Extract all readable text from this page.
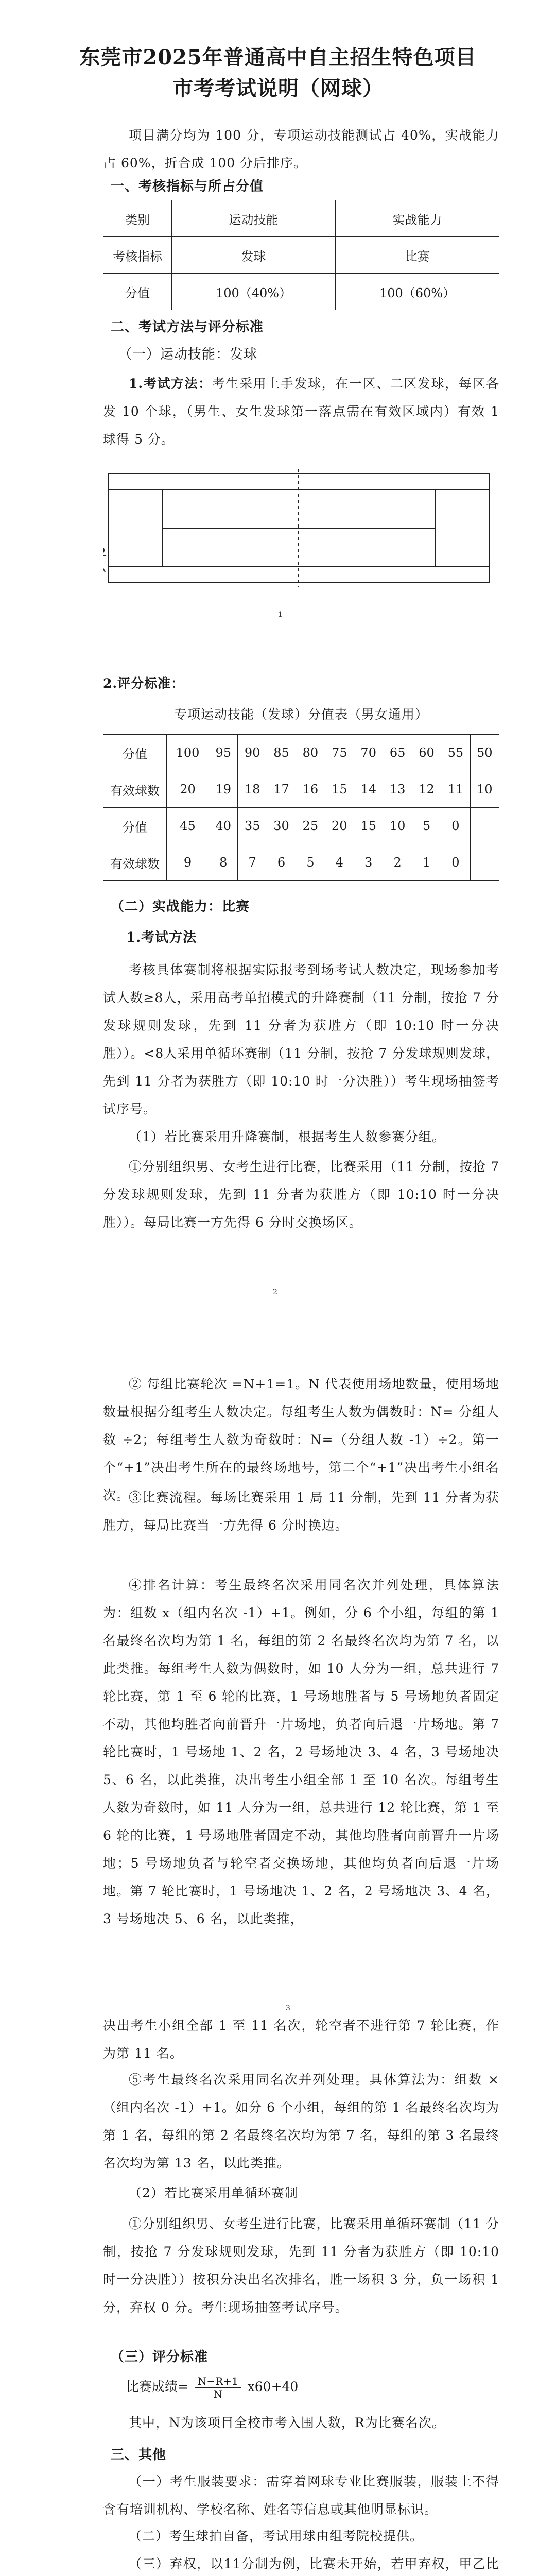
东莞市2025年普通高中自主招生特色项目
市考考试说明（网球）
项目满分均为 100 分，专项运动技能测试占 40%，实战能力占 60%，折合成 100 分后排序。
一、考核指标与所占分值
类别	运动技能	实战能力
考核指标	发球	比赛
分值	100（40%）	100（60%）
二、考试方法与评分标准
（一）运动技能：发球
1.考试方法：考生采用上手发球，在一区、二区发球，每区各发 10 个球，（男生、女生发球第一落点需在有效区域内）有效 1 球得 5 分。
1
2.评分标准：
专项运动技能（发球）分值表（男女通用）
分值	100	95	90	85	80	75	70	65	60	55	50
有效球数	20	19	18	17	16	15	14	13	12	11	10
分值	45	40	35	30	25	20	15	10	5	0	
有效球数	9	8	7	6	5	4	3	2	1	0	
（二）实战能力：比赛
1.考试方法
考核具体赛制将根据实际报考到场考试人数决定，现场参加考试人数≥8人，采用高考单招模式的升降赛制（11 分制，按抢 7 分发球规则发球，先到 11 分者为获胜方（即 10:10 时一分决胜））。<8人采用单循环赛制（11 分制，按抢 7 分发球规则发球，先到 11 分者为获胜方（即 10:10 时一分决胜））考生现场抽签考试序号。
（1）若比赛采用升降赛制，根据考生人数参赛分组。
①分别组织男、女考生进行比赛，比赛采用（11 分制，按抢 7 分发球规则发球，先到 11 分者为获胜方（即 10:10 时一分决胜））。每局比赛一方先得 6 分时交换场区。
2
② 每组比赛轮次 =N+1=1。N 代表使用场地数量，使用场地数量根据分组考生人数决定。每组考生人数为偶数时：N= 分组人数 ÷2；每组考生人数为奇数时：N=（分组人数 -1）÷2。第一个“+1”决出考生所在的最终场地号，第二个“+1”决出考生小组名次。
③比赛流程。每场比赛采用 1 局 11 分制，先到 11 分者为获胜方，每局比赛当一方先得 6 分时换边。
④排名计算：考生最终名次采用同名次并列处理，具体算法为：组数 x（组内名次 -1）+1。例如，分 6 个小组，每组的第 1 名最终名次均为第 1 名，每组的第 2 名最终名次均为第 7 名，以此类推。每组考生人数为偶数时，如 10 人分为一组，总共进行 7 轮比赛，第 1 至 6 轮的比赛，1 号场地胜者与 5 号场地负者固定不动，其他均胜者向前晋升一片场地，负者向后退一片场地。第 7 轮比赛时，1 号场地 1、2 名，2 号场地决 3、4 名，3 号场地决 5、6 名，以此类推，决出考生小组全部 1 至 10 名次。每组考生人数为奇数时，如 11 人分为一组，总共进行 12 轮比赛，第 1 至 6 轮的比赛，1 号场地胜者固定不动，其他均胜者向前晋升一片场地；5 号场地负者与轮空者交换场地，其他均负者向后退一片场地。第 7 轮比赛时，1 号场地决 1、2 名，2 号场地决 3、4 名，3 号场地决 5、6 名，以此类推，
3
决出考生小组全部 1 至 11 名次，轮空者不进行第 7 轮比赛，作为第 11 名。
⑤考生最终名次采用同名次并列处理。具体算法为：组数 ×（组内名次 -1）+1。如分 6 个小组，每组的第 1 名最终名次均为第 1 名，每组的第 2 名最终名次均为第 7 名，每组的第 3 名最终名次均为第 13 名，以此类推。
（2）若比赛采用单循环赛制
①分别组织男、女考生进行比赛，比赛采用单循环赛制（11 分制，按抢 7 分发球规则发球，先到 11 分者为获胜方（即 10:10 时一分决胜））按积分决出名次排名，胜一场积 3 分，负一场积 1 分，弃权 0 分。考生现场抽签考试序号。
（三）评分标准
比赛成绩= $\frac{N-R+1}{N} x60+40$
其中，N为该项目全校市考入围人数，R为比赛名次。
三、其他
（一）考生服装要求：需穿着网球专业比赛服装，服装上不得含有培训机构、学校名称、姓名等信息或其他明显标识。
（二）考生球拍自备，考试用球由组考院校提供。
（三）弃权，以11分制为例，比赛未开始，若甲弃权，甲乙比
